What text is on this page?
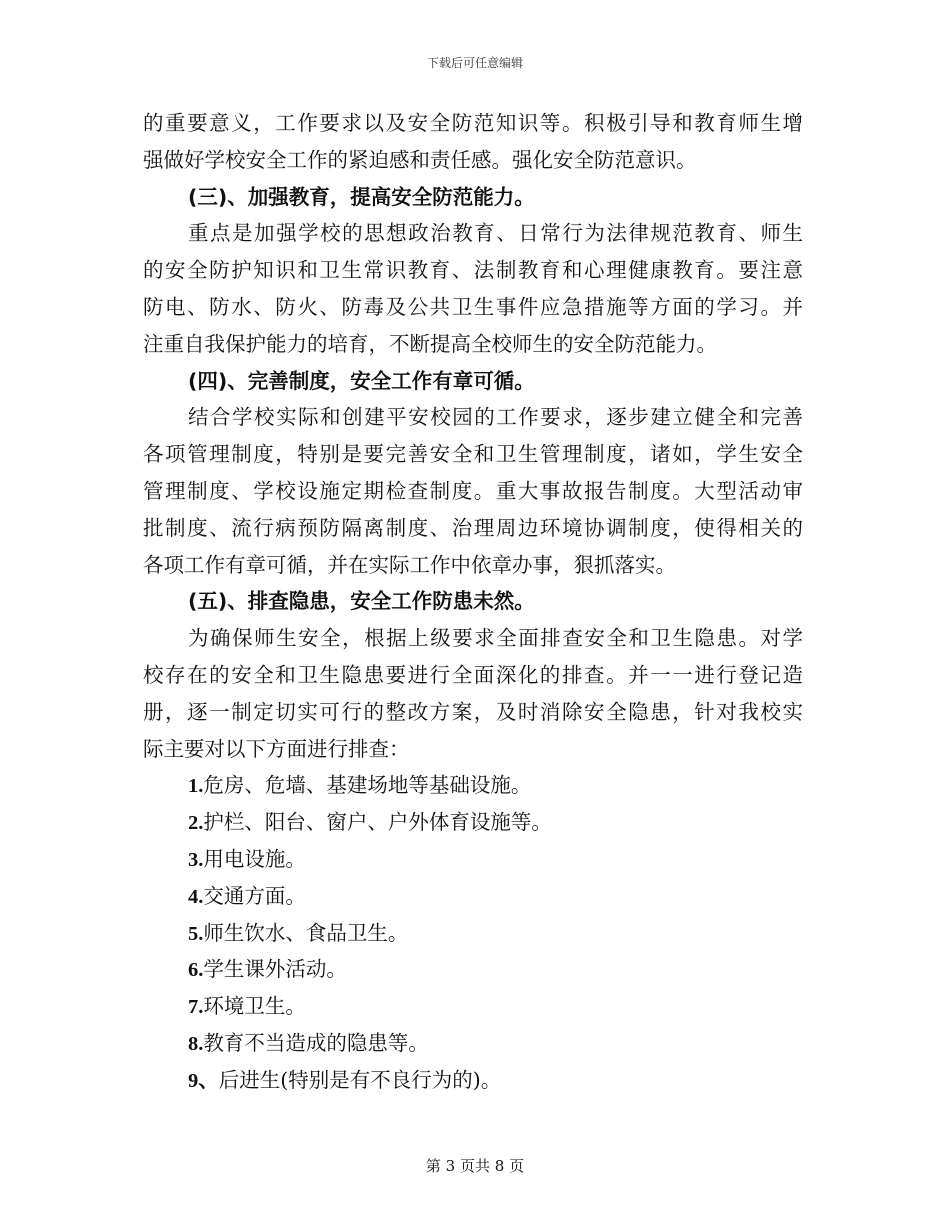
下载后可任意编辑
的重要意义，工作要求以及安全防范知识等。积极引导和教育师生增
强做好学校安全工作的紧迫感和责任感。强化安全防范意识。
(三)、加强教育，提高安全防范能力。
重点是加强学校的思想政治教育、日常行为法律规范教育、师生
的安全防护知识和卫生常识教育、法制教育和心理健康教育。要注意
防电、防水、防火、防毒及公共卫生事件应急措施等方面的学习。并
注重自我保护能力的培育，不断提高全校师生的安全防范能力。
(四)、完善制度，安全工作有章可循。
结合学校实际和创建平安校园的工作要求，逐步建立健全和完善
各项管理制度，特别是要完善安全和卫生管理制度，诸如，学生安全
管理制度、学校设施定期检查制度。重大事故报告制度。大型活动审
批制度、流行病预防隔离制度、治理周边环境协调制度，使得相关的
各项工作有章可循，并在实际工作中依章办事，狠抓落实。
(五)、排查隐患，安全工作防患未然。
为确保师生安全，根据上级要求全面排查安全和卫生隐患。对学
校存在的安全和卫生隐患要进行全面深化的排查。并一一进行登记造
册，逐一制定切实可行的整改方案，及时消除安全隐患，针对我校实
际主要对以下方面进行排查：
1.危房、危墙、基建场地等基础设施。
2.护栏、阳台、窗户、户外体育设施等。
3.用电设施。
4.交通方面。
5.师生饮水、食品卫生。
6.学生课外活动。
7.环境卫生。
8.教育不当造成的隐患等。
9、后进生(特别是有不良行为的)。
第 3 页共 8 页
